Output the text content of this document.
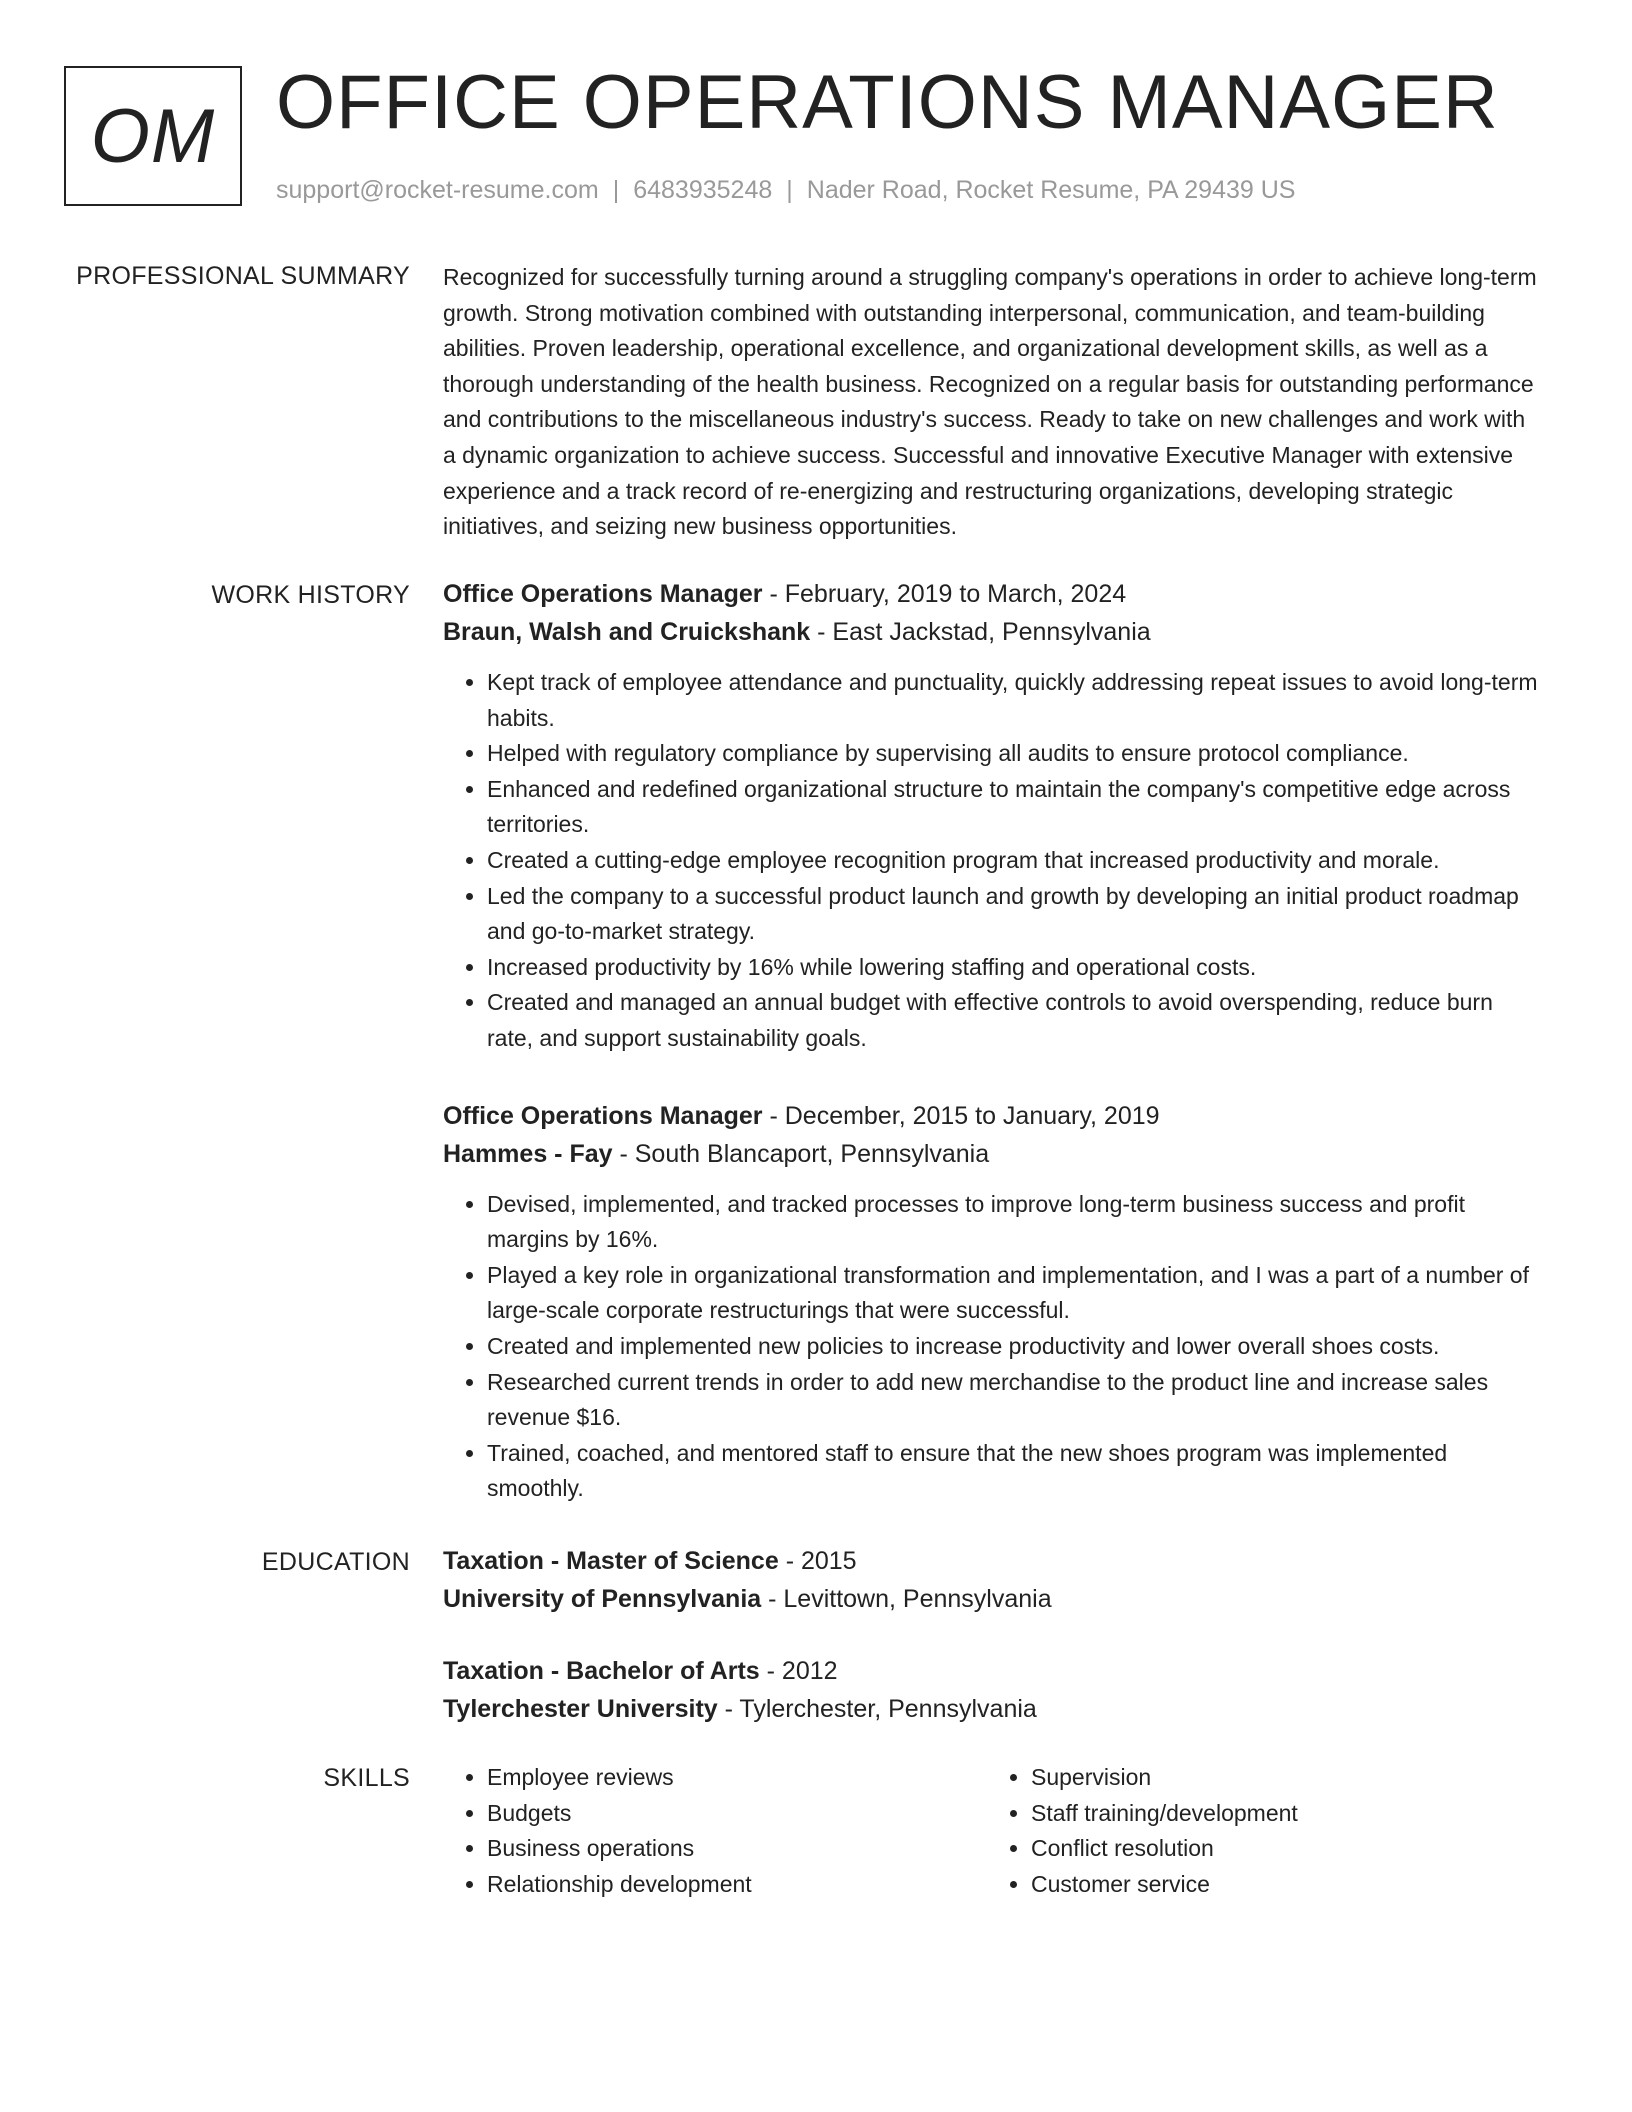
OM OFFICE OPERATIONS MANAGER
support@rocket-resume.com | 6483935248 | Nader Road, Rocket Resume, PA 29439 US
PROFESSIONAL SUMMARY Recognized for successfully turning around a struggling company's operations in order to achieve long-term growth. Strong motivation combined with outstanding interpersonal, communication, and team-building abilities. Proven leadership, operational excellence, and organizational development skills, as well as a thorough understanding of the health business. Recognized on a regular basis for outstanding performance and contributions to the miscellaneous industry's success. Ready to take on new challenges and work with a dynamic organization to achieve success. Successful and innovative Executive Manager with extensive experience and a track record of re-energizing and restructuring organizations, developing strategic initiatives, and seizing new business opportunities.

WORK HISTORY Office Operations Manager - February, 2019 to March, 2024
Braun, Walsh and Cruickshank - East Jackstad, Pennsylvania
• Kept track of employee attendance and punctuality, quickly addressing repeat issues to avoid long-term habits.
• Helped with regulatory compliance by supervising all audits to ensure protocol compliance.
• Enhanced and redefined organizational structure to maintain the company's competitive edge across territories.
• Created a cutting-edge employee recognition program that increased productivity and morale.
• Led the company to a successful product launch and growth by developing an initial product roadmap and go-to-market strategy.
• Increased productivity by 16% while lowering staffing and operational costs.
• Created and managed an annual budget with effective controls to avoid overspending, reduce burn rate, and support sustainability goals.
Office Operations Manager - December, 2015 to January, 2019
Hammes - Fay - South Blancaport, Pennsylvania
• Devised, implemented, and tracked processes to improve long-term business success and profit margins by 16%.
• Played a key role in organizational transformation and implementation, and I was a part of a number of large-scale corporate restructurings that were successful.
• Created and implemented new policies to increase productivity and lower overall shoes costs.
• Researched current trends in order to add new merchandise to the product line and increase sales revenue $16.
• Trained, coached, and mentored staff to ensure that the new shoes program was implemented smoothly.
EDUCATION Taxation - Master of Science - 2015
University of Pennsylvania - Levittown, Pennsylvania
Taxation - Bachelor of Arts - 2012
Tylerchester University - Tylerchester, Pennsylvania
SKILLS
•	Employee reviews
• Budgets
• Business operations
• Relationship development
• Supervision
• Staff training/development
• Conflict resolution
• Customer service
